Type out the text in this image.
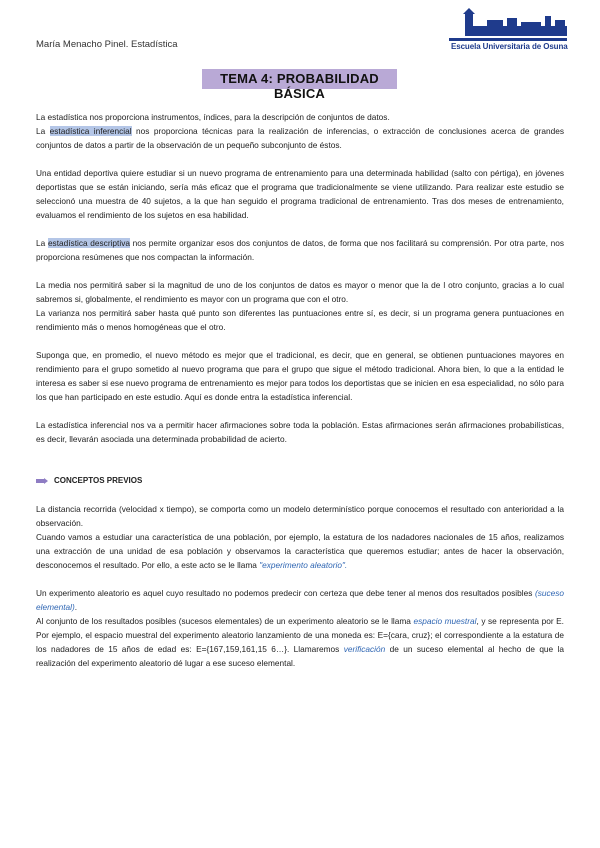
María Menacho Pinel. Estadística	Escuela Universitaria de Osuna
TEMA 4: PROBABILIDAD BÁSICA

La estadística nos proporciona instrumentos, índices, para la descripción de conjuntos de datos.

La estadística inferencial nos proporciona técnicas para la realización de inferencias, o extracción de conclusiones acerca de grandes conjuntos de datos a partir de la observación de un pequeño subconjunto de éstos.

Una entidad deportiva quiere estudiar si un nuevo programa de entrenamiento para una determinada habilidad (salto con pértiga), en jóvenes deportistas que se están iniciando, sería más eficaz que el programa que tradicionalmente se viene utilizando. Para realizar este estudio se seleccionó una muestra de 40 sujetos, a la que han seguido el programa tradicional de entrenamiento. Tras dos meses de entrenamiento, evaluamos el rendimiento de los sujetos en esa habilidad.

La estadística descriptiva nos permite organizar esos dos conjuntos de datos, de forma que nos facilitará su comprensión. Por otra parte, nos proporciona resúmenes que nos compactan la información.

La media nos permitirá saber si la magnitud de uno de los conjuntos de datos es mayor o menor que la de l otro conjunto, gracias a lo cual sabremos si, globalmente, el rendimiento es mayor con un programa que con el otro.

La varianza nos permitirá saber hasta qué punto son diferentes las puntuaciones entre sí, es decir, si un programa genera puntuaciones en rendimiento más o menos homogéneas que el otro.

Suponga que, en promedio, el nuevo método es mejor que el tradicional, es decir, que en general, se obtienen puntuaciones mayores en rendimiento para el grupo sometido al nuevo programa que para el grupo que sigue el método tradicional. Ahora bien, lo que a la entidad le interesa es saber si ese nuevo programa de entrenamiento es mejor para todos los deportistas que se inicien en esa especialidad, no sólo para los que han participado en este estudio. Aquí es donde entra la estadística inferencial.

La estadística inferencial nos va a permitir hacer afirmaciones sobre toda la población. Estas afirmaciones serán afirmaciones probabilísticas, es decir, llevarán asociada una determinada probabilidad de acierto.

CONCEPTOS PREVIOS

La distancia recorrida (velocidad x tiempo), se comporta como un modelo determinístico porque conocemos el resultado con anterioridad a la observación.

Cuando vamos a estudiar una característica de una población, por ejemplo, la estatura de los nadadores nacionales de 15 años, realizamos una extracción de una unidad de esa población y observamos la característica que queremos estudiar; antes de hacer la observación, desconocemos el resultado. Por ello, a este acto se le llama "experimento aleatorio".

Un experimento aleatorio es aquel cuyo resultado no podemos predecir con certeza que debe tener al menos dos resultados posibles (suceso elemental).

Al conjunto de los resultados posibles (sucesos elementales) de un experimento aleatorio se le llama espacio muestral, y se representa por E. Por ejemplo, el espacio muestral del experimento aleatorio lanzamiento de una moneda es: E={cara, cruz}; el correspondiente a la estatura de los nadadores de 15 años de edad es: E={167,159,161,15 6…}. Llamaremos verificación de un suceso elemental al hecho de que la realización del experimento aleatorio dé lugar a ese suceso elemental.
